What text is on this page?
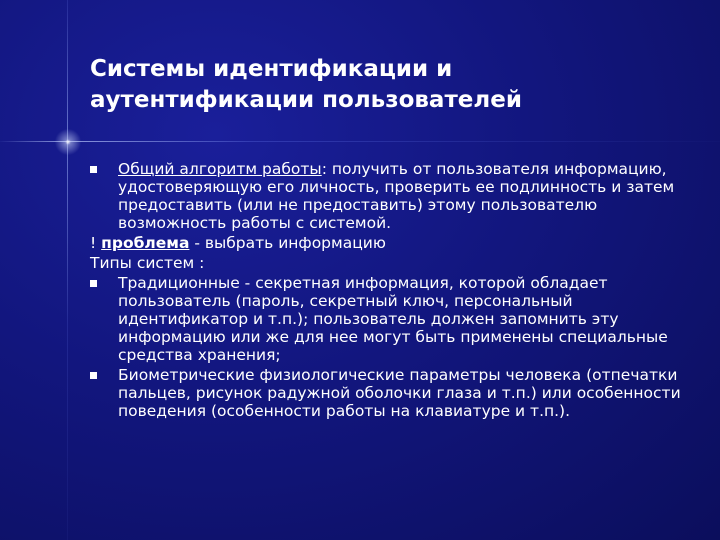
Системы идентификации и
аутентификации пользователей
Общий алгоритм работы: получить от пользователя информацию, удостоверяющую его личность, проверить ее подлинность и затем предоставить (или не предоставить) этому пользователю возможность работы с системой.
! проблема - выбрать информацию
Типы систем :
Традиционные - секретная информация, которой обладает пользователь (пароль, секретный ключ, персональный идентификатор и т.п.); пользователь должен запомнить эту информацию или же для нее могут быть применены специальные средства хранения;
Биометрические физиологические параметры человека (отпечатки пальцев, рисунок радужной оболочки глаза и т.п.) или особенности поведения (особенности работы на клавиатуре и т.п.).
